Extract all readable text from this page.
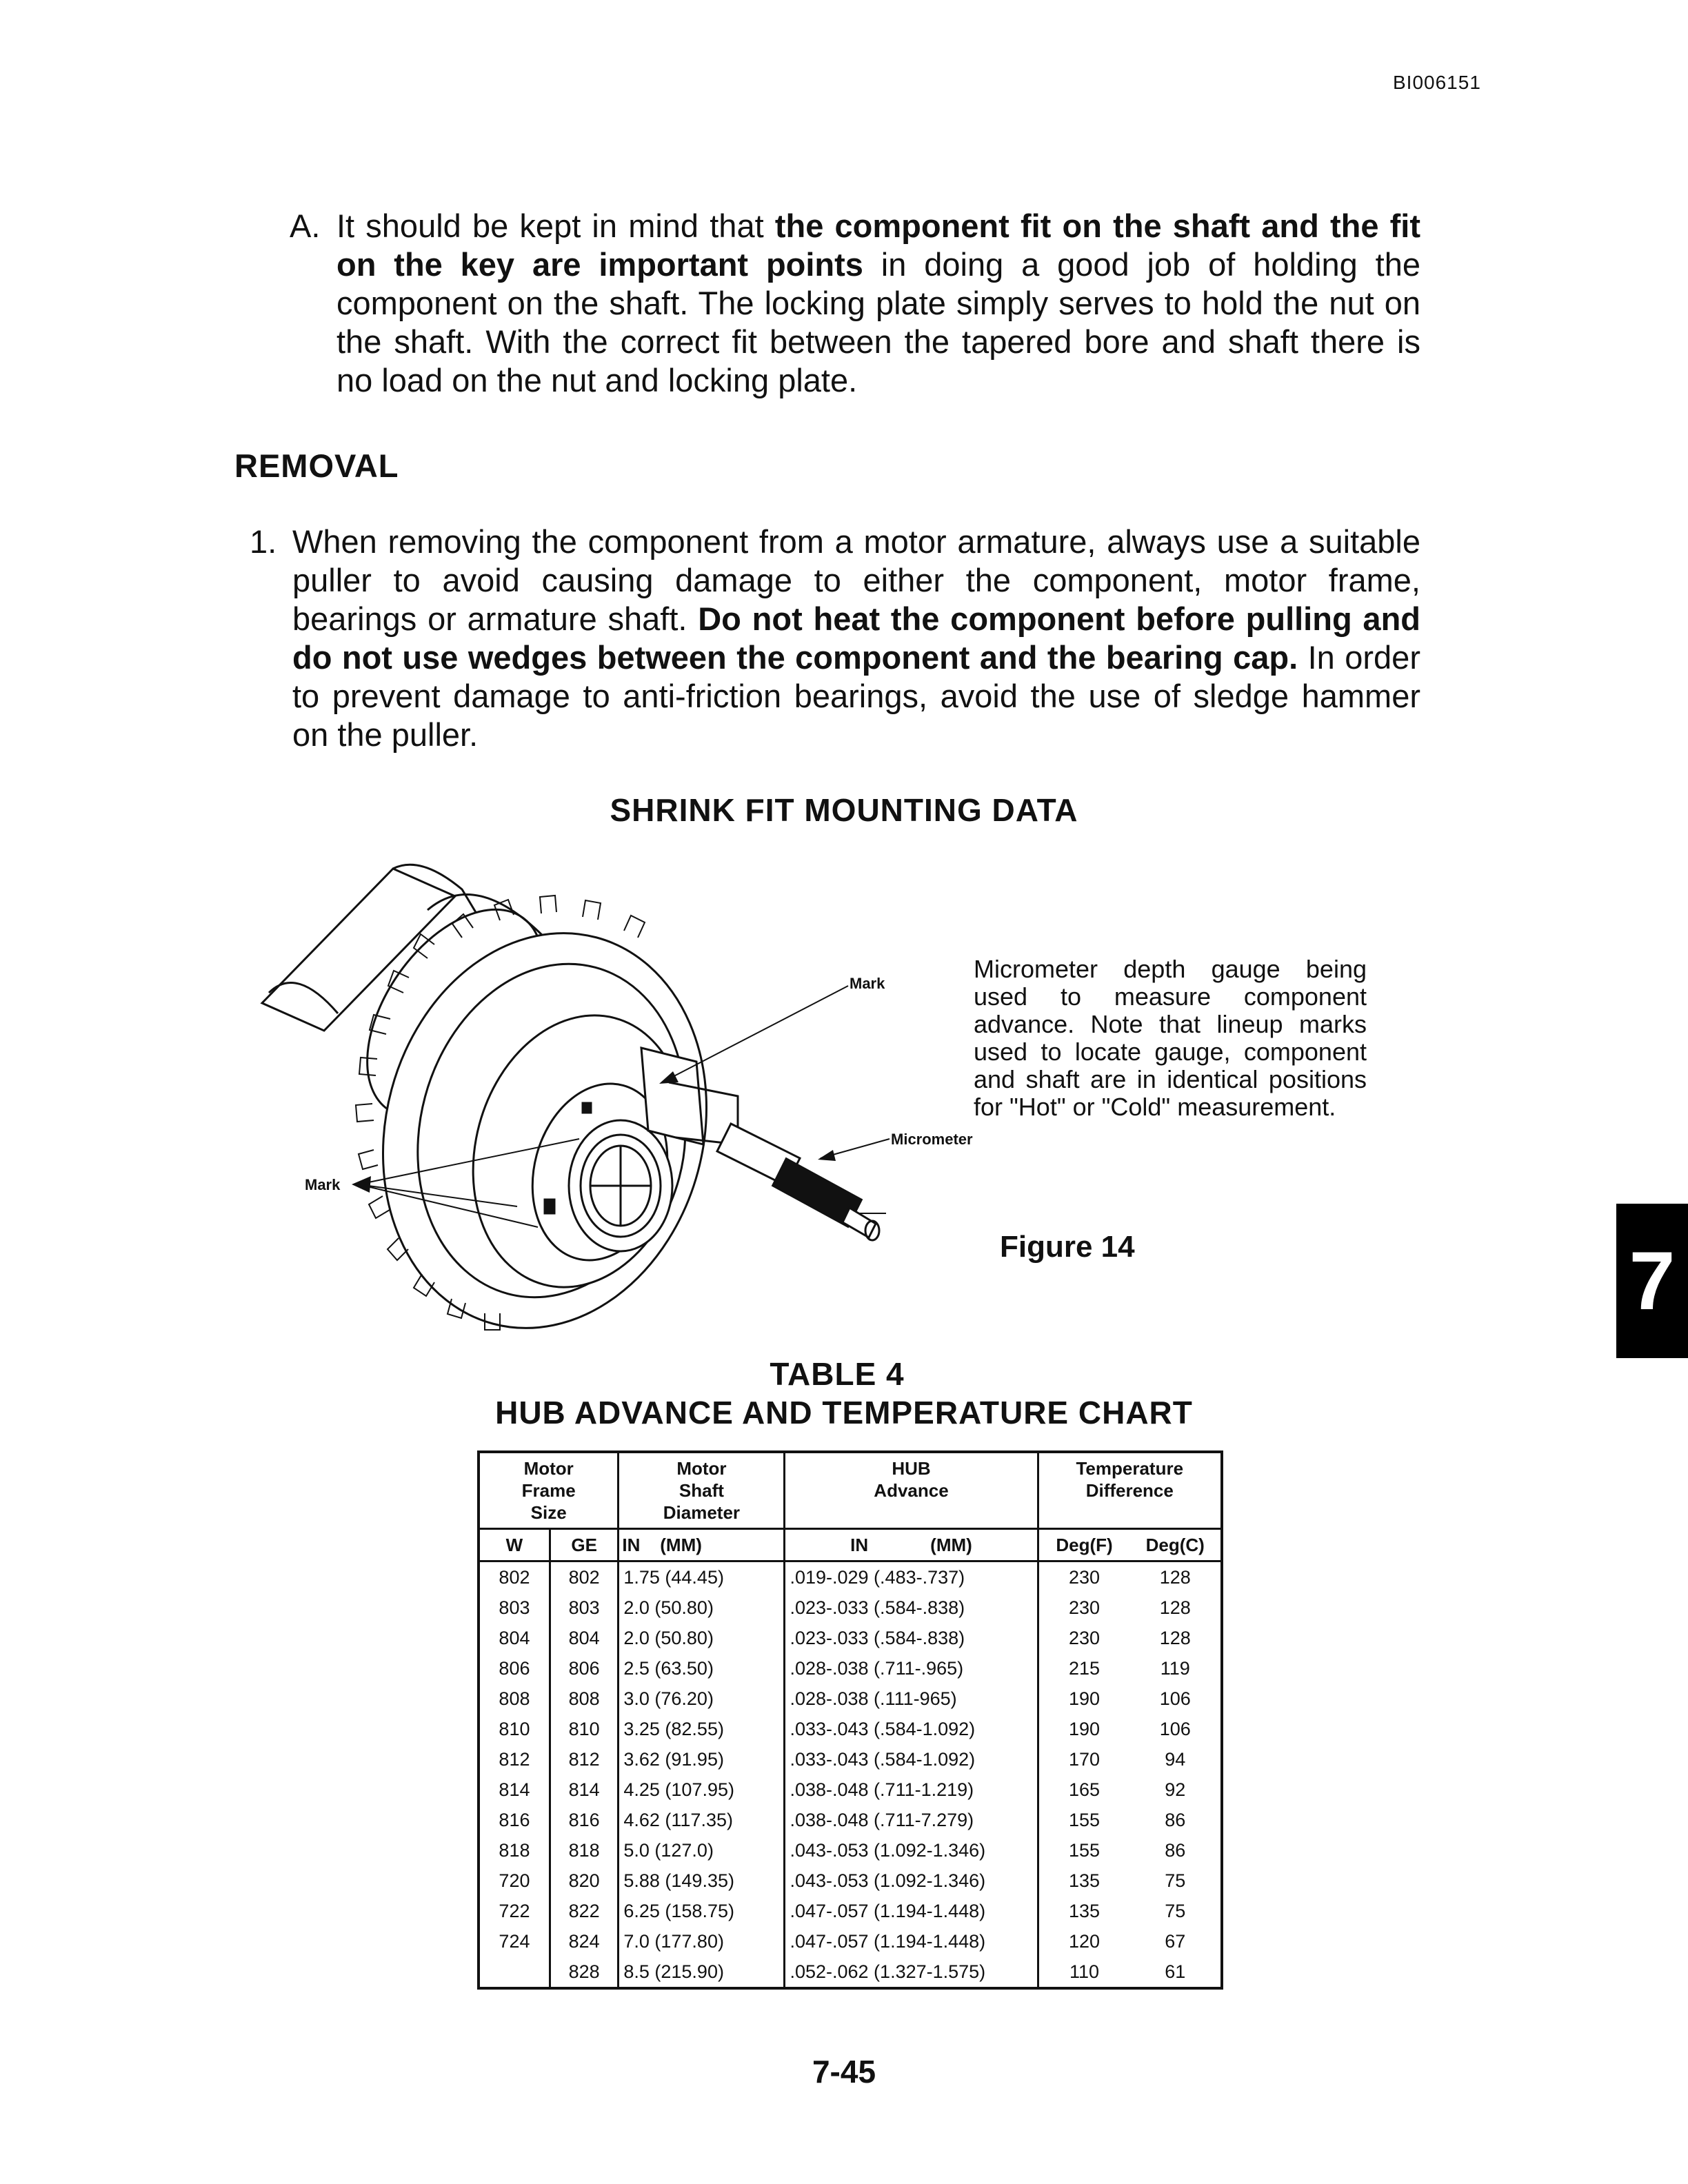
BI006151
A. It should be kept in mind that the component fit on the shaft and the fit on the key are important points in doing a good job of holding the component on the shaft. The locking plate simply serves to hold the nut on the shaft. With the correct fit between the tapered bore and shaft there is no load on the nut and locking plate.
REMOVAL
1. When removing the component from a motor armature, always use a suitable puller to avoid causing damage to either the component, motor frame, bearings or armature shaft. Do not heat the component before pulling and do not use wedges between the component and the bearing cap. In order to prevent damage to anti-friction bearings, avoid the use of sledge hammer on the puller.
SHRINK FIT MOUNTING DATA
Mark
Micrometer
Mark
Micrometer depth gauge being used to measure component advance. Note that lineup marks used to locate gauge, component and shaft are in identical positions for "Hot" or "Cold" measurement.
Figure 14	7
TABLE 4
HUB ADVANCE AND TEMPERATURE CHART
Motor
Frame
Size		Motor
Shaft
Diameter	HUB
Advance	Temperature
Difference	
W	GE	IN    (MM)	IN (MM)	Deg(F)	Deg(C)
802	802	1.75 (44.45)	.019-.029 (.483-.737)	230	128
803	803	2.0 (50.80)	.023-.033 (.584-.838)	230	128
804	804	2.0 (50.80)	.023-.033 (.584-.838)	230	128
806	806	2.5 (63.50)	.028-.038 (.711-.965)	215	119
808	808	3.0 (76.20)	.028-.038 (.111-965)	190	106
810	810	3.25 (82.55)	.033-.043 (.584-1.092)	190	106
812	812	3.62 (91.95)	.033-.043 (.584-1.092)	170	94
814	814	4.25 (107.95)	.038-.048 (.711-1.219)	165	92
816	816	4.62 (117.35)	.038-.048 (.711-7.279)	155	86
818	818	5.0 (127.0)	.043-.053 (1.092-1.346)	155	86
720	820	5.88 (149.35)	.043-.053 (1.092-1.346)	135	75
722	822	6.25 (158.75)	.047-.057 (1.194-1.448)	135	75
724	824	7.0 (177.80)	.047-.057 (1.194-1.448)	120	67
	828	8.5 (215.90)	.052-.062 (1.327-1.575)	110	61
7-45
